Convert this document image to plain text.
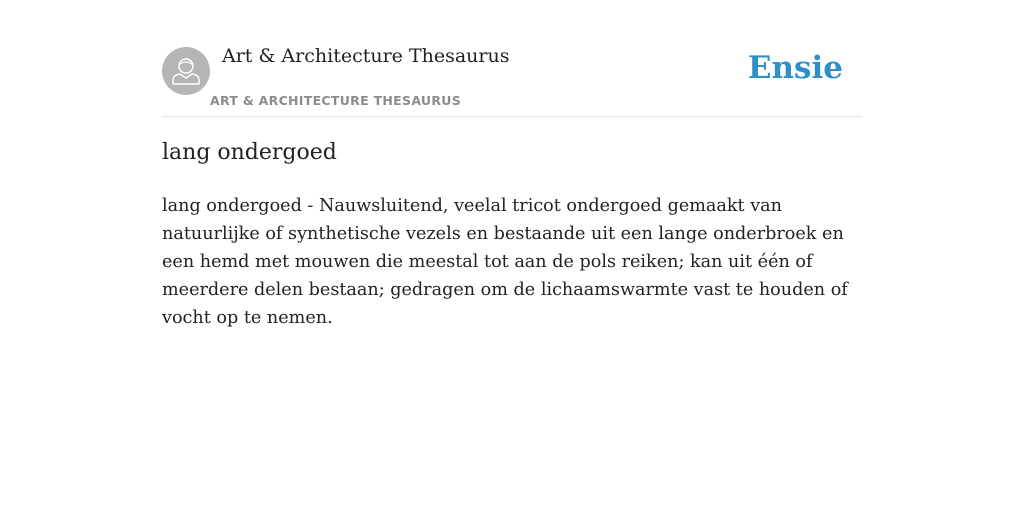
Art & Architecture Thesaurus
ART & ARCHITECTURE THESAURUS
Ensie
lang ondergoed

lang ondergoed - Nauwsluitend, veelal tricot ondergoed gemaakt van natuurlijke of synthetische vezels en bestaande uit een lange onderbroek en een hemd met mouwen die meestal tot aan de pols reiken; kan uit één of meerdere delen bestaan; gedragen om de lichaamswarmte vast te houden of vocht op te nemen.
